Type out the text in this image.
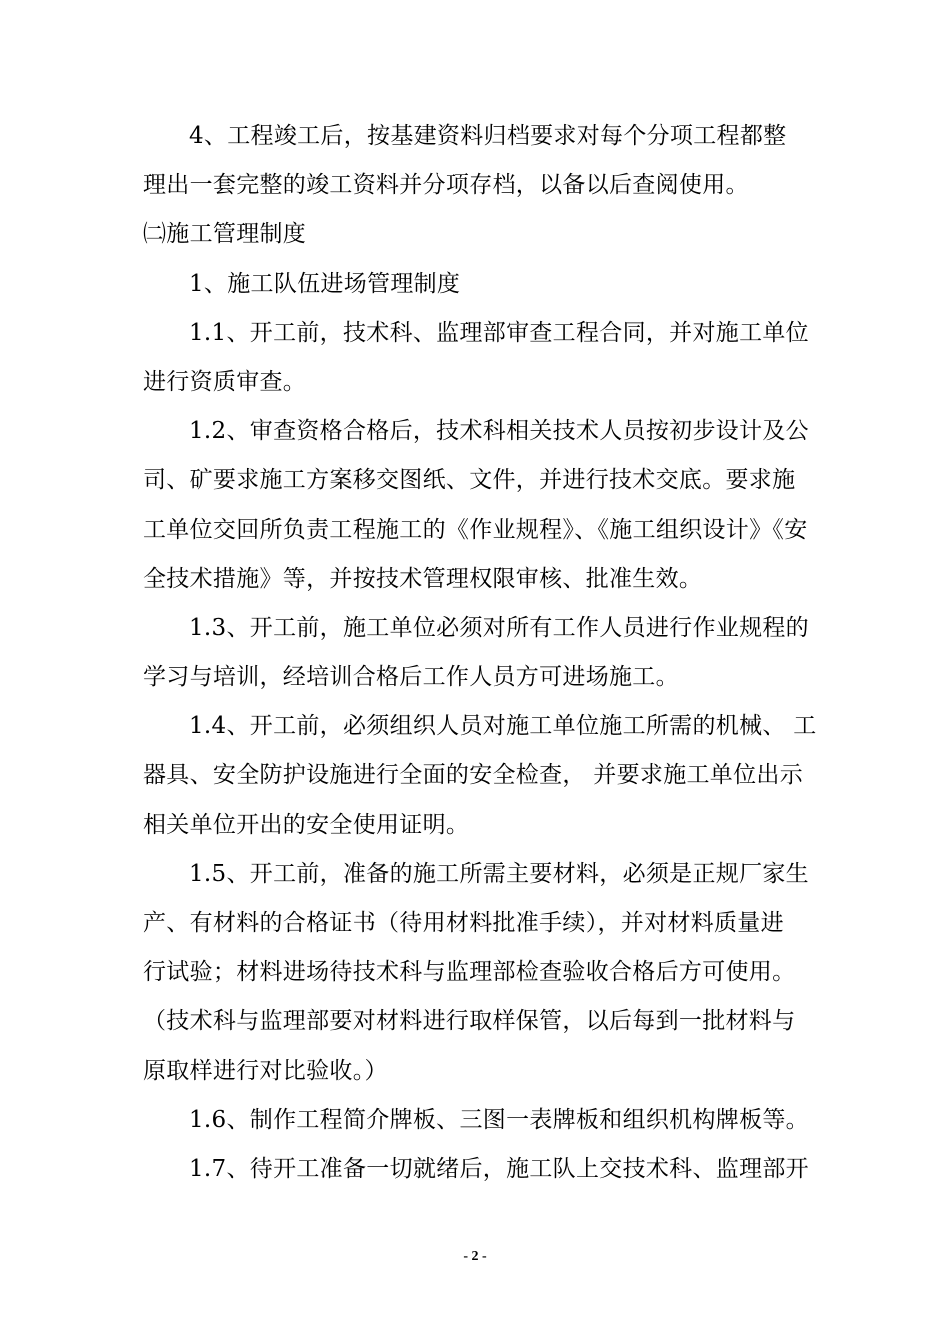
4、工程竣工后，按基建资料归档要求对每个分项工程都整
理出一套完整的竣工资料并分项存档，以备以后查阅使用。
㈡施工管理制度
1、施工队伍进场管理制度
1.1、开工前，技术科、监理部审查工程合同，并对施工单位
进行资质审查。
1.2、审查资格合格后，技术科相关技术人员按初步设计及公
司、矿要求施工方案移交图纸、文件，并进行技术交底。要求施
工单位交回所负责工程施工的《作业规程》、《施工组织设计》《安
全技术措施》等，并按技术管理权限审核、批准生效。
1.3、开工前，施工单位必须对所有工作人员进行作业规程的
学习与培训，经培训合格后工作人员方可进场施工。
1.4、开工前，必须组织人员对施工单位施工所需的机械、 工
器具、安全防护设施进行全面的安全检查， 并要求施工单位出示
相关单位开出的安全使用证明。
1.5、开工前，准备的施工所需主要材料，必须是正规厂家生
产、有材料的合格证书（待用材料批准手续），并对材料质量进
行试验；材料进场待技术科与监理部检查验收合格后方可使用。
（技术科与监理部要对材料进行取样保管，以后每到一批材料与
原取样进行对比验收。）
1.6、制作工程简介牌板、三图一表牌板和组织机构牌板等。
1.7、待开工准备一切就绪后，施工队上交技术科、监理部开
- 2 -
